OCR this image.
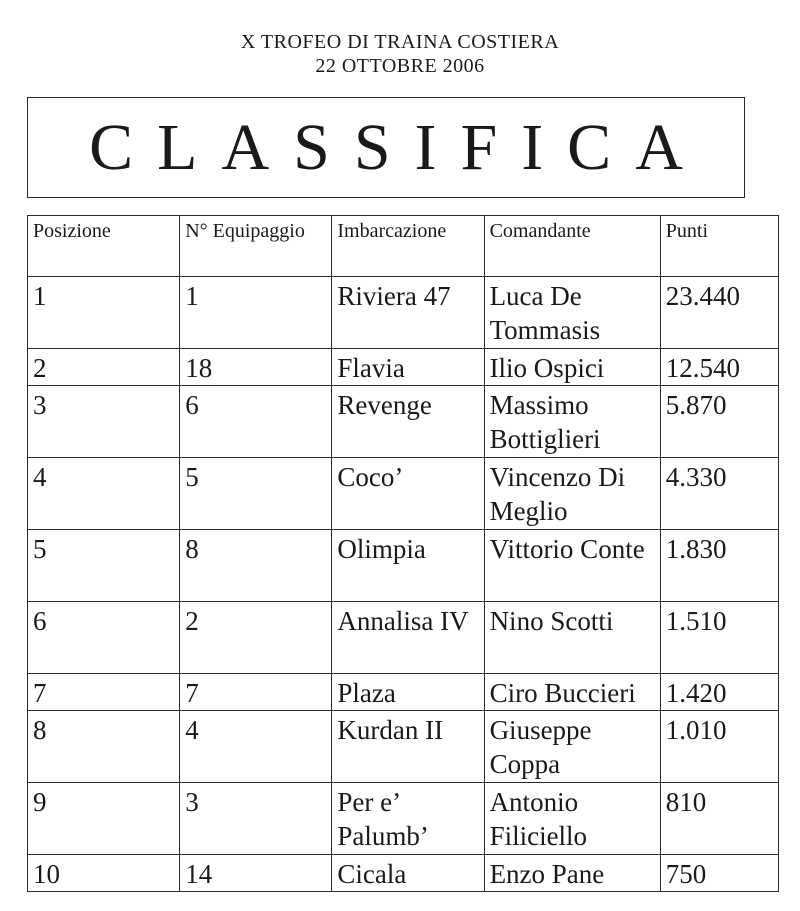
X TROFEO DI TRAINA COSTIERA
22 OTTOBRE 2006
CLASSIFICA
Posizione	N° Equipaggio	Imbarcazione	Comandante	Punti
1	1	Riviera 47	Luca De Tommasis	23.440
2	18	Flavia	Ilio Ospici	12.540
3	6	Revenge	Massimo Bottiglieri	5.870
4	5	Coco’	Vincenzo Di Meglio	4.330
5	8	Olimpia	Vittorio Conte	1.830
6	2	Annalisa IV	Nino Scotti	1.510
7	7	Plaza	Ciro Buccieri	1.420
8	4	Kurdan II	Giuseppe Coppa	1.010
9	3	Per e’ Palumb’	Antonio Filiciello	810
10	14	Cicala	Enzo Pane	750
